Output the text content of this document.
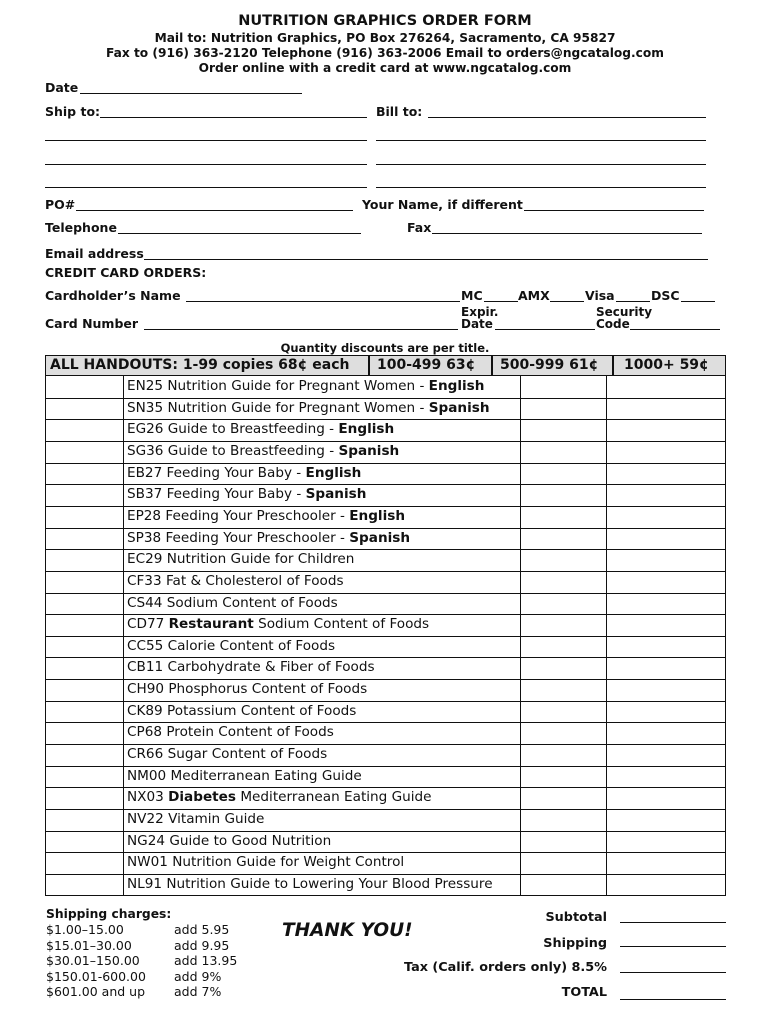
NUTRITION GRAPHICS ORDER FORM
Mail to: Nutrition Graphics, PO Box 276264, Sacramento, CA 95827
Fax to (916) 363-2120 Telephone (916) 363-2006 Email to orders@ngcatalog.com
Order online with a credit card at www.ngcatalog.com
Date
Ship to:	Bill to:
PO#	Your Name, if different
Telephone	Fax
Email address
CREDIT CARD ORDERS:
Cardholder’s Name	MC	AMX	Visa	DSC
Card Number
Expir.
Date
Security
Code
Quantity discounts are per title.
ALL HANDOUTS: 1-99 copies 68¢ each 100-499 63¢ 500-999 61¢ 1000+ 59¢
EN25 Nutrition Guide for Pregnant Women - English
SN35 Nutrition Guide for Pregnant Women - Spanish
EG26 Guide to Breastfeeding - English
SG36 Guide to Breastfeeding - Spanish
EB27 Feeding Your Baby - English
SB37 Feeding Your Baby - Spanish
EP28 Feeding Your Preschooler - English
SP38 Feeding Your Preschooler - Spanish
EC29 Nutrition Guide for Children
CF33 Fat & Cholesterol of Foods
CS44 Sodium Content of Foods
CD77 Restaurant Sodium Content of Foods
CC55 Calorie Content of Foods
CB11 Carbohydrate & Fiber of Foods
CH90 Phosphorus Content of Foods
CK89 Potassium Content of Foods
CP68 Protein Content of Foods
CR66 Sugar Content of Foods
NM00 Mediterranean Eating Guide
NX03 Diabetes Mediterranean Eating Guide
NV22 Vitamin Guide
NG24 Guide to Good Nutrition
NW01 Nutrition Guide for Weight Control
NL91 Nutrition Guide to Lowering Your Blood Pressure
Shipping charges:
$1.00–15.00	add 5.95
$15.01–30.00	add 9.95
$30.01–150.00	add 13.95
$150.01-600.00 add 9%
$601.00 and up add 7%
THANK YOU!
Subtotal
Shipping
Tax (Calif. orders only) 8.5%
TOTAL
